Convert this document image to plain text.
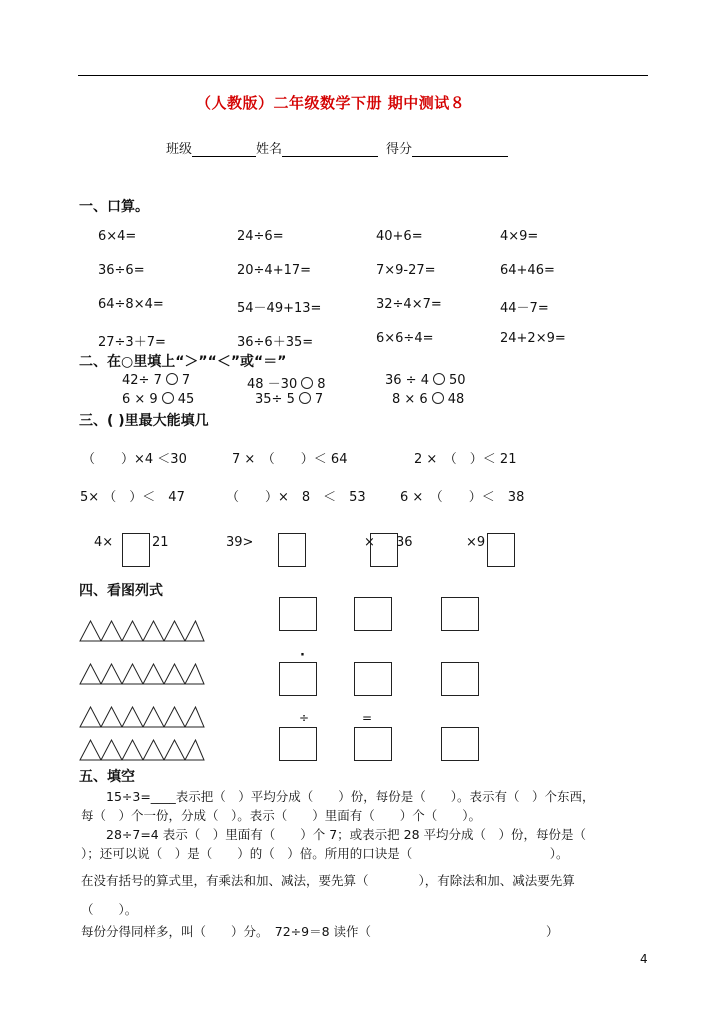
（人教版）二年级数学下册 期中测试８
班级	姓名	得分
一、口算。
6×4=	24÷6=	40+6=	4×9=
36÷6=	20÷4+17=	7×9-27=	64+46=
64÷8×4=	54－49+13=	32÷4×7=	44－7=
27÷3＋7=	36÷6＋35=	6×6÷4=	24+2×9=
二、在○里填上“＞”“＜”或“＝”
42÷ 7 7	48 －30 8	36 ÷ 4 50
6 × 9 45	35÷ 5 7	8 × 6 48
三、( )里最大能填几
（　　）×4 ＜30	7 ×　（　　）＜ 64	2 ×　（　）＜ 21
5× （　）＜　47	（　　）×　8　＜　53	6 ×　（　　）＜　38
4×	21	39>	× 36	×9
四、看图列式
·
÷	=
五、填空
15÷3=____表示把（　）平均分成（　　）份，每份是（　　）。表示有（　）个东西，
每（　）个一份，分成（　）。表示（　　）里面有（　　）个（　　）。
28÷7=4 表示（　）里面有（　　）个 7；或表示把 28 平均分成（　）份，每份是（
）；还可以说（　）是（　　）的（　）倍。所用的口诀是（　　　　　　　　　　　）。
在没有括号的算式里，有乘法和加、减法，要先算（　　　　），有除法和加、减法要先算
（　　）。
每份分得同样多，叫（　　）分。　72÷9＝8 读作（　　　　　　　　　　　　　　）
4
